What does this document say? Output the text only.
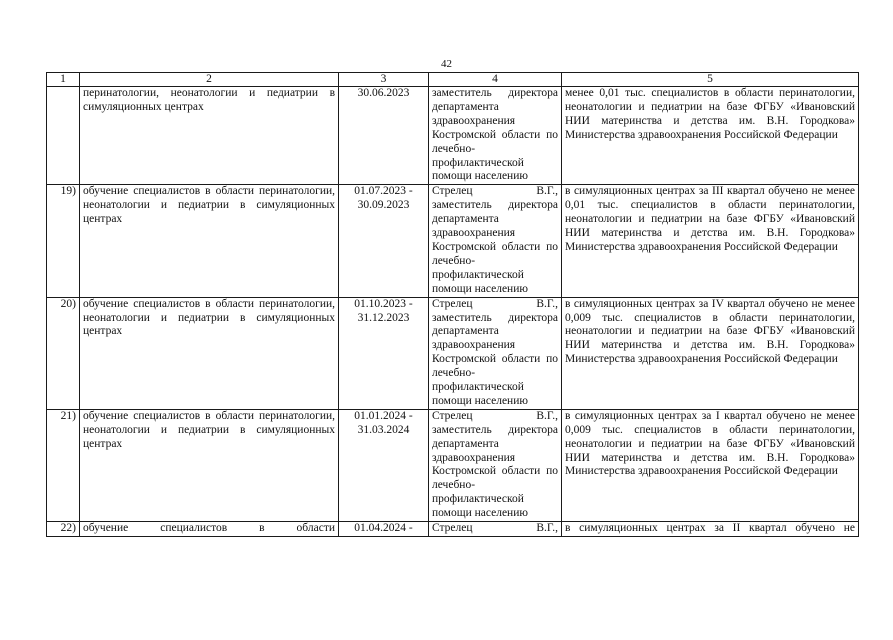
42
1	2	3	4	5
	перинатологии, неонатологии и педиатрии в симуляционных центрах	30.06.2023	заместитель директора департамента здравоохранения Костромской области по лечебно-профилактической помощи населению	менее 0,01 тыс. специалистов в области перинатологии, неонатологии и педиатрии на базе ФГБУ «Ивановский НИИ материнства и детства им. В.Н. Городкова» Министерства здравоохранения Российской Федерации
19)	обучение специалистов в области перинатологии, неонатологии и педиатрии в симуляционных центрах	01.07.2023 - 30.09.2023	Стрелец В.Г., заместитель директора департамента здравоохранения Костромской области по лечебно-профилактической помощи населению	в симуляционных центрах за III квартал обучено не менее 0,01 тыс. специалистов в области перинатологии, неонатологии и педиатрии на базе ФГБУ «Ивановский НИИ материнства и детства им. В.Н. Городкова» Министерства здравоохранения Российской Федерации
20)	обучение специалистов в области перинатологии, неонатологии и педиатрии в симуляционных центрах	01.10.2023 - 31.12.2023	Стрелец В.Г., заместитель директора департамента здравоохранения Костромской области по лечебно-профилактической помощи населению	в симуляционных центрах за IV квартал обучено не менее 0,009 тыс. специалистов в области перинатологии, неонатологии и педиатрии на базе ФГБУ «Ивановский НИИ материнства и детства им. В.Н. Городкова» Министерства здравоохранения Российской Федерации
21)	обучение специалистов в области перинатологии, неонатологии и педиатрии в симуляционных центрах	01.01.2024 - 31.03.2024	Стрелец В.Г., заместитель директора департамента здравоохранения Костромской области по лечебно-профилактической помощи населению	в симуляционных центрах за I квартал обучено не менее 0,009 тыс. специалистов в области перинатологии, неонатологии и педиатрии на базе ФГБУ «Ивановский НИИ материнства и детства им. В.Н. Городкова» Министерства здравоохранения Российской Федерации
22)	обучение специалистов в области	01.04.2024 -	Стрелец В.Г.,	в симуляционных центрах за II квартал обучено не
